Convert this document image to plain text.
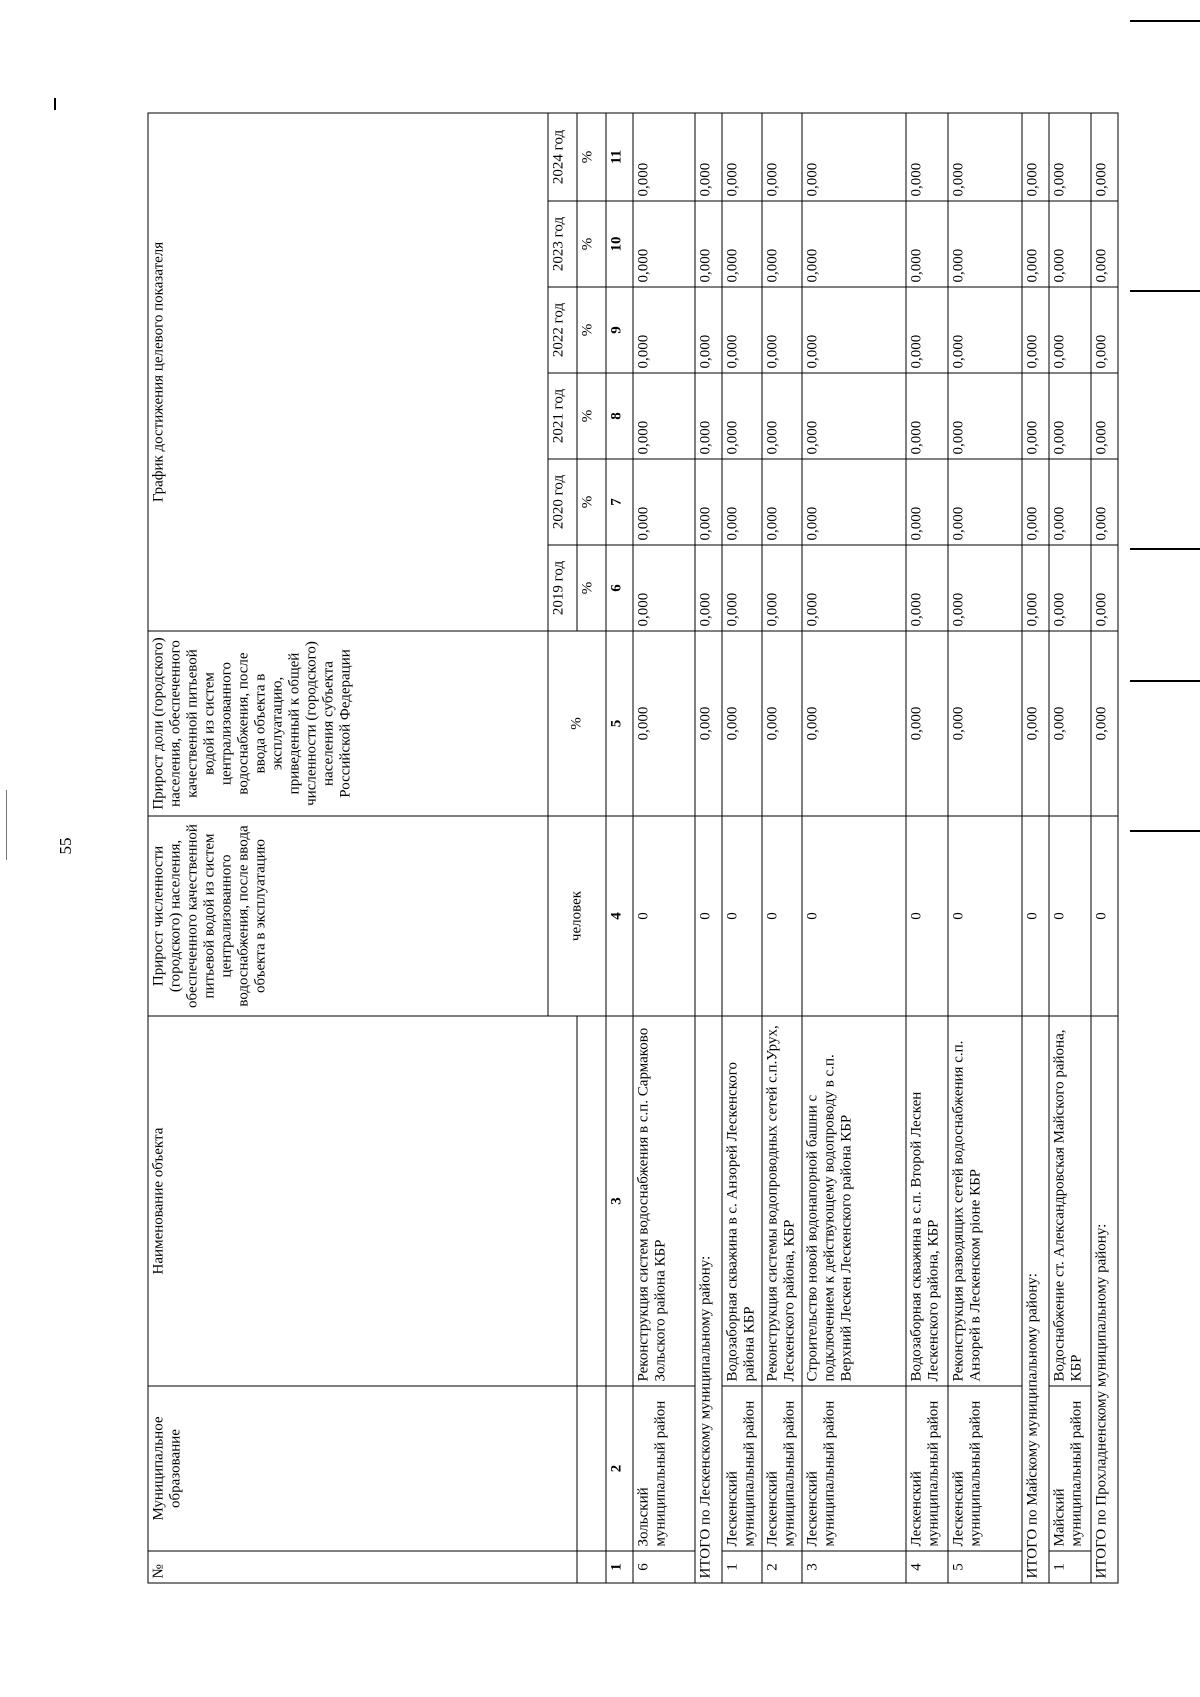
55
№	Муниципальное образование	Наименование объекта	Прирост численности (городского) населения, обеспеченного качественной питьевой водой из систем централизованного водоснабжения, после ввода объекта в эксплуатацию	Прирост доли (городского) населения, обеспеченного качественной питьевой водой из систем централизованного водоснабжения, после ввода объекта в эксплуатацию, приведенный к общей численности (городского) населения субъекта Российской Федерации	График достижения целевого показателя					
			человек	%	2019 год	2020 год	2021 год	2022 год	2023 год	2024 год
					%	%	%	%	%	%
1	2	3	4	5	6	7	8	9	10	11
6	Зольский муниципальный район	Реконструкция систем водоснабжения в с.п. Сармаково Зольского района КБР	0	0,000	0,000	0,000	0,000	0,000	0,000	0,000
ИТОГО по Лескенскому муниципальному району:			0	0,000	0,000	0,000	0,000	0,000	0,000	0,000
1	Лескенский муниципальный район	Водозаборная скважина в с. Анзорей Лескенского района КБР	0	0,000	0,000	0,000	0,000	0,000	0,000	0,000
2	Лескенский муниципальный район	Реконструкция системы водопроводных сетей с.п.Урух, Лескенского района, КБР	0	0,000	0,000	0,000	0,000	0,000	0,000	0,000
3	Лескенский муниципальный район	Строительство новой водонапорной башни с подключением к действующему водопроводу в с.п. Верхний Лескен Лескенского района КБР	0	0,000	0,000	0,000	0,000	0,000	0,000	0,000
4	Лескенский муниципальный район	Водозаборная скважина в с.п. Второй Лескен Лескенского района, КБР	0	0,000	0,000	0,000	0,000	0,000	0,000	0,000
5	Лескенский муниципальный район	Реконструкция разводящих сетей водоснабжения с.п. Анзорей в Лескенском ріоне КБР	0	0,000	0,000	0,000	0,000	0,000	0,000	0,000
ИТОГО по Майскому муниципальному району:			0	0,000	0,000	0,000	0,000	0,000	0,000	0,000
1	Майский муниципальный район	Водоснабжение ст. Александровская Майского района, КБР	0	0,000	0,000	0,000	0,000	0,000	0,000	0,000
ИТОГО по Прохладненскому муниципальному району:			0	0,000	0,000	0,000	0,000	0,000	0,000	0,000
